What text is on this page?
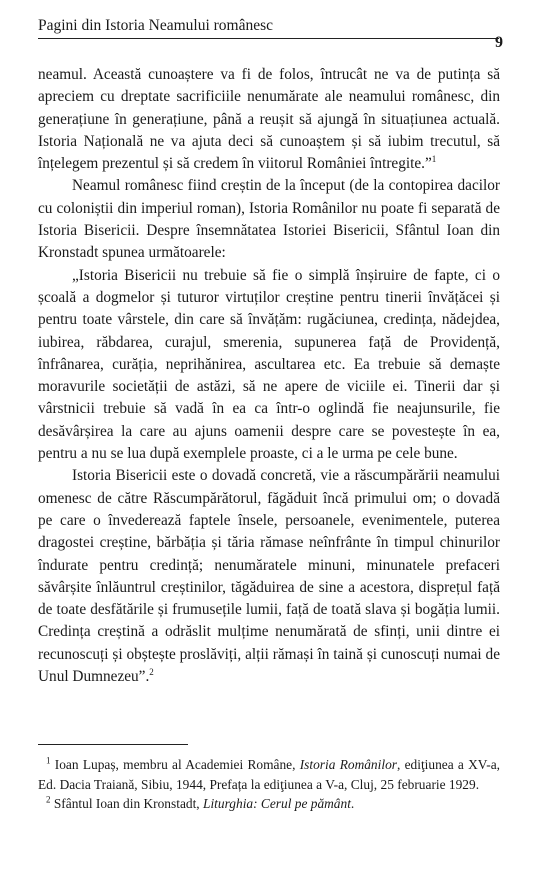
Pagini din Istoria Neamului românesc
9

neamul. Această cunoaștere va fi de folos, întrucât ne va de putința să apreciem cu dreptate sacrificiile nenumărate ale neamului românesc, din generațiune în generațiune, până a reușit să ajungă în situațiunea actuală. Istoria Națională ne va ajuta deci să cunoaștem și să iubim trecutul, să înțelegem prezentul și să credem în viitorul României întregite.”$^1$

Neamul românesc fiind creștin de la început (de la contopirea dacilor cu coloniștii din imperiul roman), Istoria Românilor nu poate fi separată de Istoria Bisericii. Despre însemnătatea Istoriei Bisericii, Sfântul Ioan din Kronstadt spunea următoarele:

„Istoria Bisericii nu trebuie să fie o simplă înșiruire de fapte, ci o școală a dogmelor și tuturor virtuților creștine pentru tinerii învățăcei și pentru toate vârstele, din care să învățăm: rugăciunea, credința, nădejdea, iubirea, răbdarea, curajul, smerenia, supunerea față de Providență, înfrânarea, curăția, neprihănirea, ascultarea etc. Ea trebuie să demaște moravurile societății de astăzi, să ne apere de viciile ei. Tinerii dar și vârstnicii trebuie să vadă în ea ca într-o oglindă fie neajunsurile, fie desăvârșirea la care au ajuns oamenii despre care se povestește în ea, pentru a nu se lua după exemplele proaste, ci a le urma pe cele bune.

Istoria Bisericii este o dovadă concretă, vie a răscumpărării neamului omenesc de către Răscumpărătorul, făgăduit încă primului om; o dovadă pe care o învederează faptele însele, persoanele, evenimentele, puterea dragostei creștine, bărbăția și tăria rămase neînfrânte în timpul chinurilor îndurate pentru credință; nenumăratele minuni, minunatele prefaceri săvârșite înlăuntrul creștinilor, tăgăduirea de sine a acestora, disprețul față de toate desfătările și frumusețile lumii, față de toată slava și bogăția lumii. Credința creștină a odrăslit mulțime nenumărată de sfinți, unii dintre ei recunoscuți și obștește proslăviți, alții rămași în taină și cunoscuți numai de Unul Dumnezeu”.$^2$

$^1$ Ioan Lupaș, membru al Academiei Române, Istoria Românilor, ediţiunea a XV-a, Ed. Dacia Traiană, Sibiu, 1944, Prefața la ediţiunea a V-a, Cluj, 25 februarie 1929.

$^2$ Sfântul Ioan din Kronstadt, Liturghia: Cerul pe pământ.
